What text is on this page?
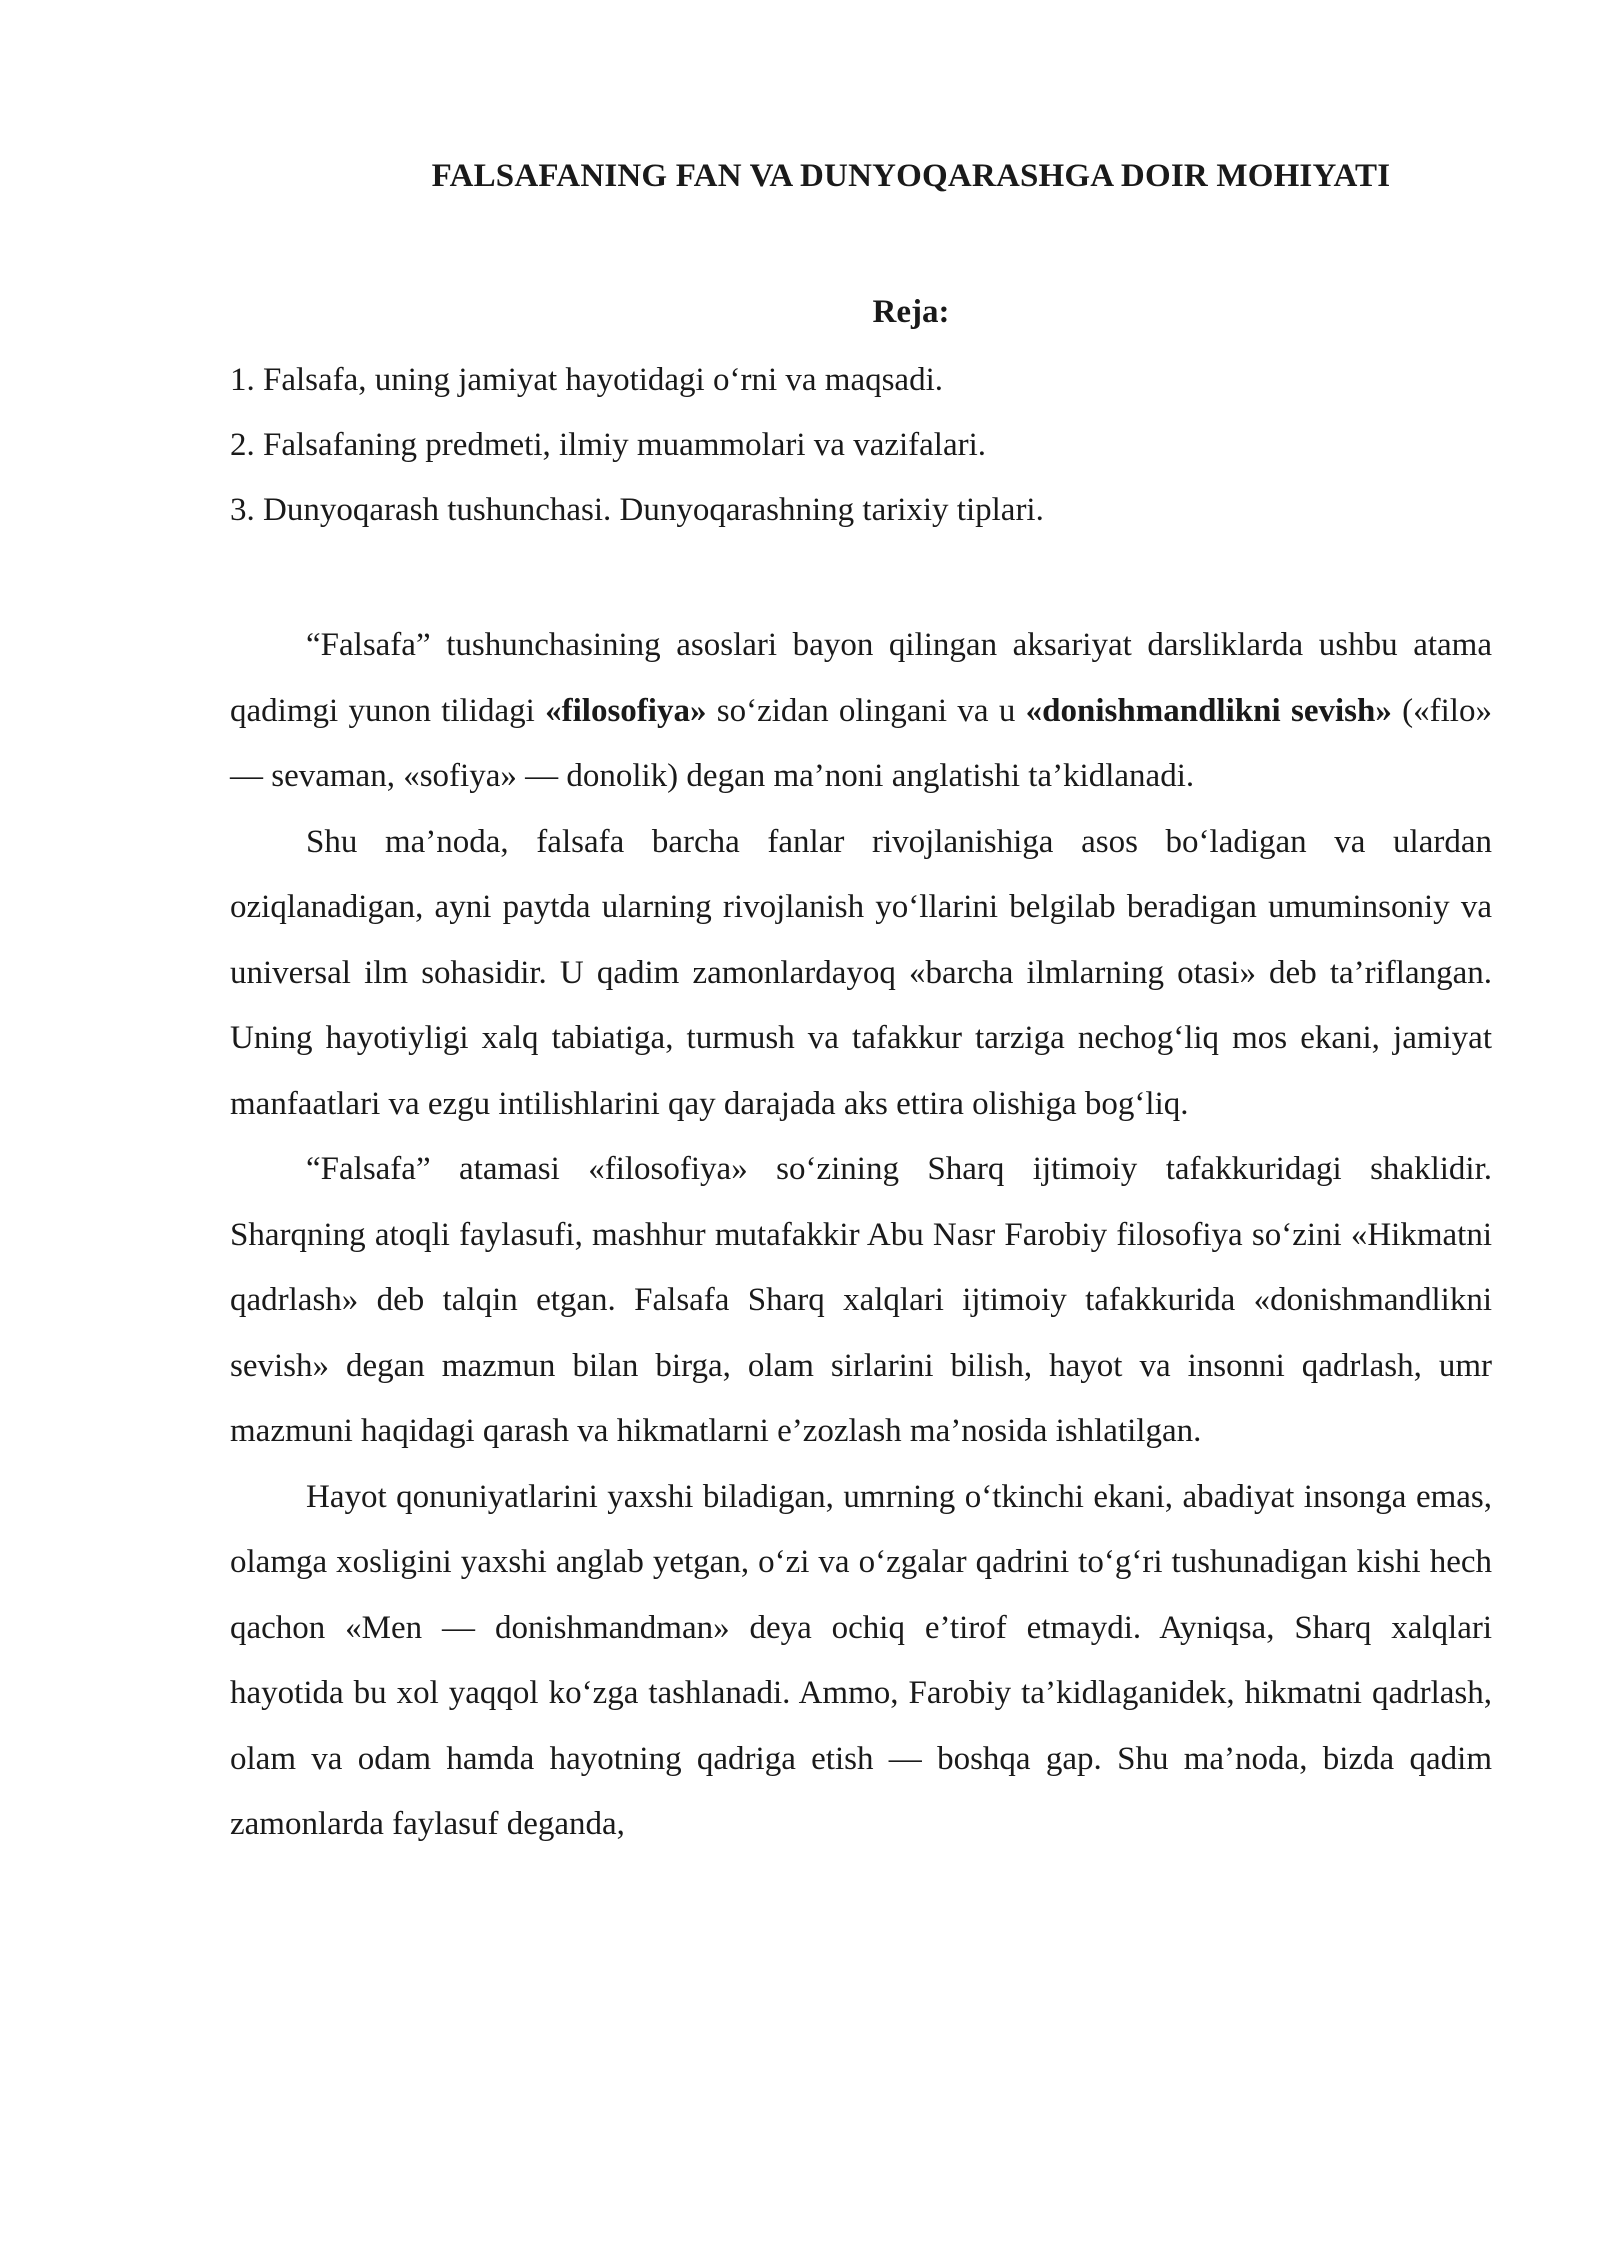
FALSAFANING FAN VA DUNYOQARASHGA DOIR MOHIYATI
Reja:
1. Falsafa, uning jamiyat hayotidagi o‘rni va maqsadi.
2. Falsafaning predmeti, ilmiy muammolari va vazifalari.
3. Dunyoqarash tushunchasi. Dunyoqarashning tarixiy tiplari.

“Falsafa” tushunchasining asoslari bayon qilingan aksariyat darsliklarda ushbu atama qadimgi yunon tilidagi «filosofiya» so‘zidan olingani va u «donishmandlikni sevish» («filo» — sevaman, «sofiya» — donolik) degan ma’noni anglatishi ta’kidlanadi.

Shu ma’noda, falsafa barcha fanlar rivojlanishiga asos bo‘ladigan va ulardan oziqlanadigan, ayni paytda ularning rivojlanish yo‘llarini belgilab beradigan umuminsoniy va universal ilm sohasidir. U qadim zamonlardayoq «barcha ilmlarning otasi» deb ta’riflangan. Uning hayotiyligi xalq tabiatiga, turmush va tafakkur tarziga nechog‘liq mos ekani, jamiyat manfaatlari va ezgu intilishlarini qay darajada aks ettira olishiga bog‘liq.

“Falsafa” atamasi «filosofiya» so‘zining Sharq ijtimoiy tafakkuridagi shaklidir. Sharqning atoqli faylasufi, mashhur mutafakkir Abu Nasr Farobiy filosofiya so‘zini «Hikmatni qadrlash» deb talqin etgan. Falsafa Sharq xalqlari ijtimoiy tafakkurida «donishmandlikni sevish» degan mazmun bilan birga, olam sirlarini bilish, hayot va insonni qadrlash, umr mazmuni haqidagi qarash va hikmatlarni e’zozlash ma’nosida ishlatilgan.

Hayot qonuniyatlarini yaxshi biladigan, umrning o‘tkinchi ekani, abadiyat insonga emas, olamga xosligini yaxshi anglab yetgan, o‘zi va o‘zgalar qadrini to‘g‘ri tushunadigan kishi hech qachon «Men — donishmandman» deya ochiq e’tirof etmaydi. Ayniqsa, Sharq xalqlari hayotida bu xol yaqqol ko‘zga tashlanadi. Ammo, Farobiy ta’kidlaganidek, hikmatni qadrlash, olam va odam hamda hayotning qadriga etish — boshqa gap. Shu ma’noda, bizda qadim zamonlarda faylasuf deganda,
